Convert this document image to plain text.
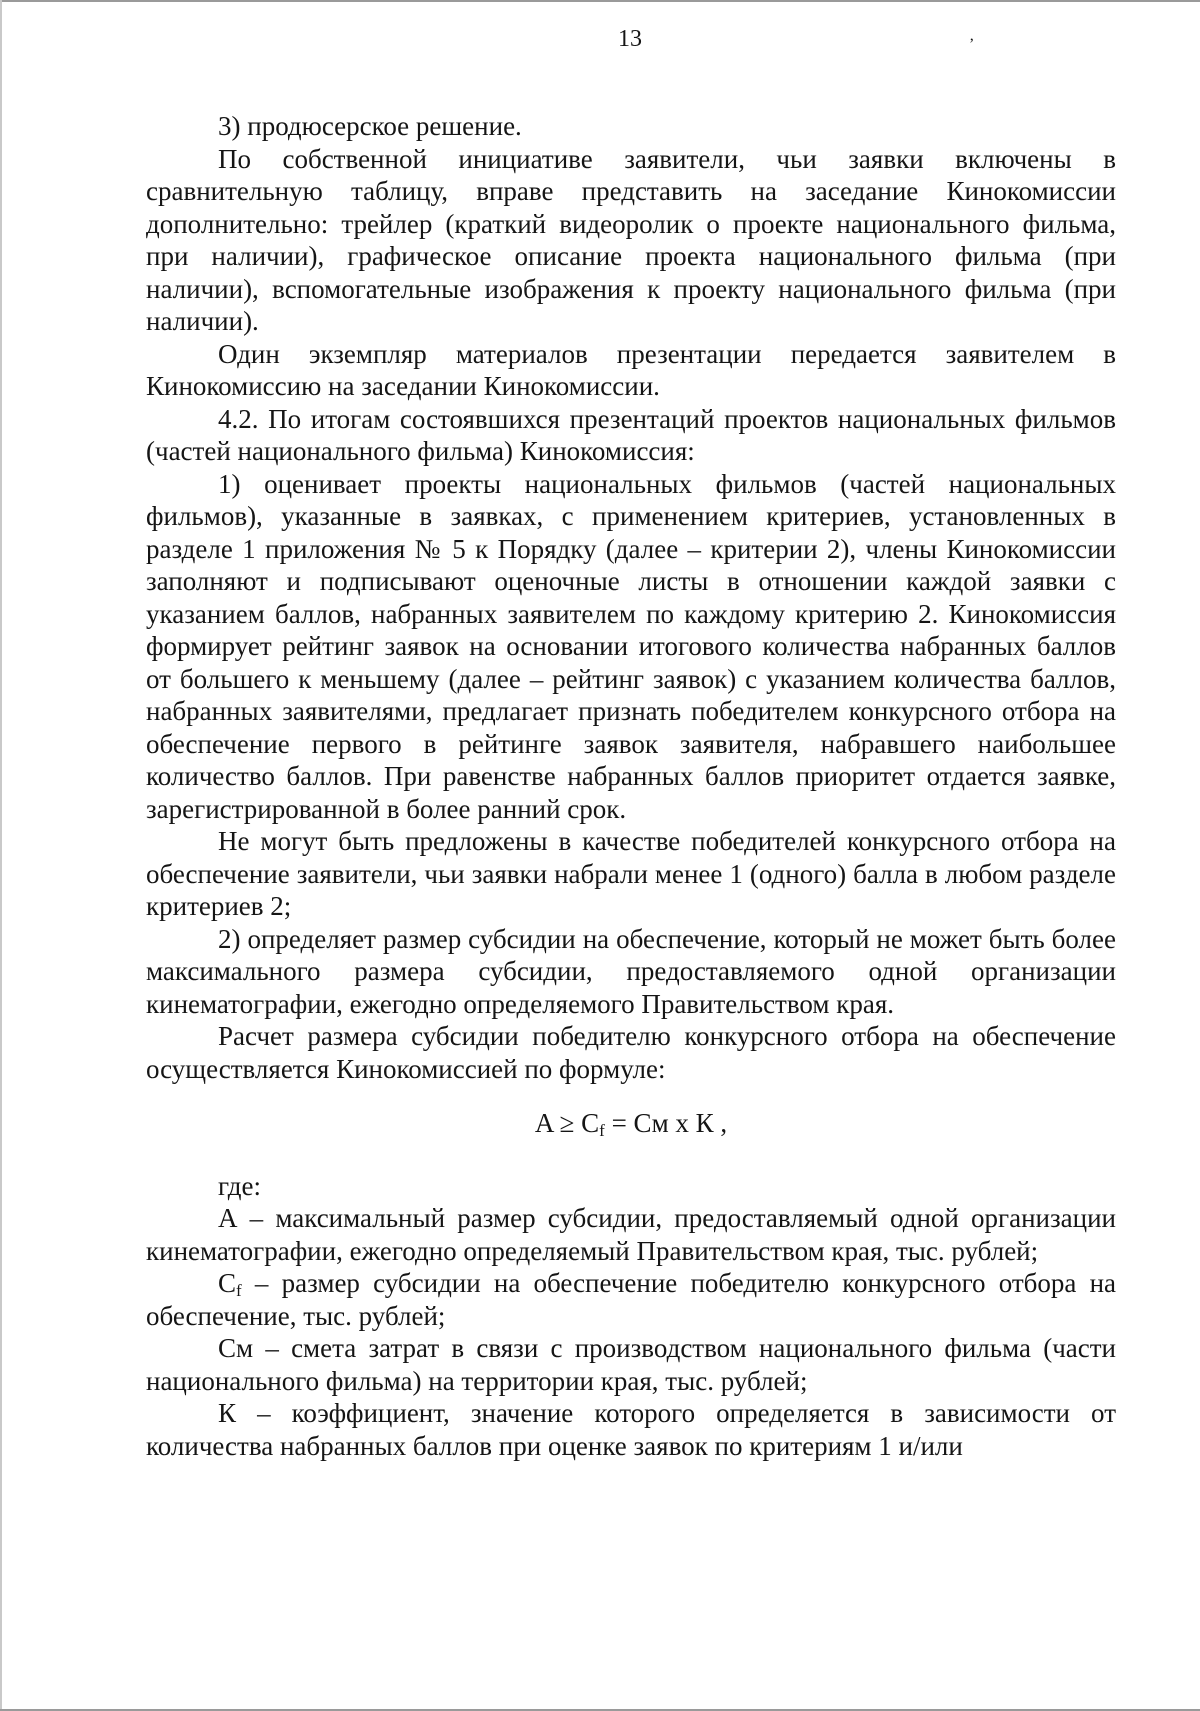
13	’

3) продюсерское решение.

По собственной инициативе заявители, чьи заявки включены в сравнительную таблицу, вправе представить на заседание Кинокомиссии дополнительно: трейлер (краткий видеоролик о проекте национального фильма, при наличии), графическое описание проекта национального фильма (при наличии), вспомогательные изображения к проекту национального фильма (при наличии).

Один экземпляр материалов презентации передается заявителем в Кинокомиссию на заседании Кинокомиссии.

4.2. По итогам состоявшихся презентаций проектов национальных фильмов (частей национального фильма) Кинокомиссия:

1) оценивает проекты национальных фильмов (частей национальных фильмов), указанные в заявках, с применением критериев, установленных в разделе 1 приложения № 5 к Порядку (далее – критерии 2), члены Кинокомиссии заполняют и подписывают оценочные листы в отношении каждой заявки с указанием баллов, набранных заявителем по каждому критерию 2. Кинокомиссия формирует рейтинг заявок на основании итогового количества набранных баллов от большего к меньшему (далее – рейтинг заявок) с указанием количества баллов, набранных заявителями, предлагает признать победителем конкурсного отбора на обеспечение первого в рейтинге заявок заявителя, набравшего наибольшее количество баллов. При равенстве набранных баллов приоритет отдается заявке, зарегистрированной в более ранний срок.

Не могут быть предложены в качестве победителей конкурсного отбора на обеспечение заявители, чьи заявки набрали менее 1 (одного) балла в любом разделе критериев 2;

2) определяет размер субсидии на обеспечение, который не может быть более максимального размера субсидии, предоставляемого одной организации кинематографии, ежегодно определяемого Правительством края.

Расчет размера субсидии победителю конкурсного отбора на обеспечение осуществляется Кинокомиссией по формуле:

$A \ge C_f$ = См х К ,

где:

А – максимальный размер субсидии, предоставляемый одной организации кинематографии, ежегодно определяемый Правительством края, тыс. рублей;

$C_f$ – размер субсидии на обеспечение победителю конкурсного отбора на обеспечение, тыс. рублей;

См – смета затрат в связи с производством национального фильма (части национального фильма) на территории края, тыс. рублей;

К – коэффициент, значение которого определяется в зависимости от количества набранных баллов при оценке заявок по критериям 1 и/или
